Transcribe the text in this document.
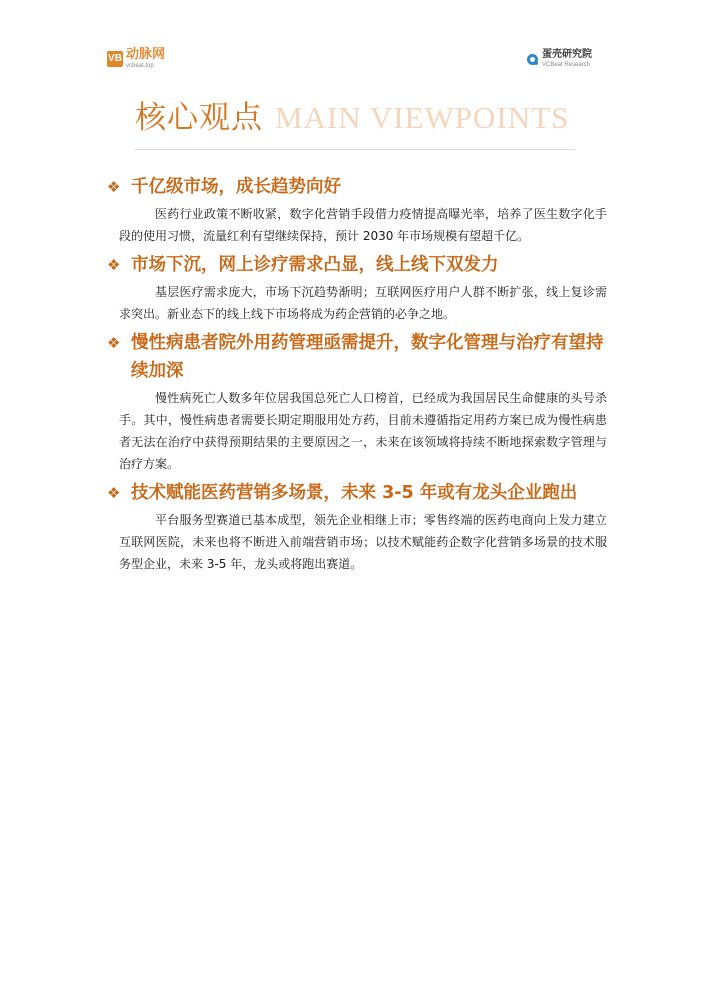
VB 动脉网
vcbeat.top
蛋壳研究院
VCBeat Research
核心观点 MAIN VIEWPOINTS
❖ 千亿级市场，成长趋势向好
医药行业政策不断收紧，数字化营销手段借力疫情提高曝光率，培养了医生数字化手段的使用习惯，流量红利有望继续保持，预计 2030 年市场规模有望超千亿。
❖ 市场下沉，网上诊疗需求凸显，线上线下双发力
基层医疗需求庞大，市场下沉趋势渐明；互联网医疗用户人群不断扩张，线上复诊需求突出。新业态下的线上线下市场将成为药企营销的必争之地。
❖ 慢性病患者院外用药管理亟需提升，数字化管理与治疗有望持续加深
慢性病死亡人数多年位居我国总死亡人口榜首，已经成为我国居民生命健康的头号杀手。其中，慢性病患者需要长期定期服用处方药，目前未遵循指定用药方案已成为慢性病患者无法在治疗中获得预期结果的主要原因之一，未来在该领域将持续不断地探索数字管理与治疗方案。
❖ 技术赋能医药营销多场景，未来 3-5 年或有龙头企业跑出
平台服务型赛道已基本成型，领先企业相继上市；零售终端的医药电商向上发力建立互联网医院，未来也将不断进入前端营销市场；以技术赋能药企数字化营销多场景的技术服务型企业，未来 3-5 年，龙头或将跑出赛道。
